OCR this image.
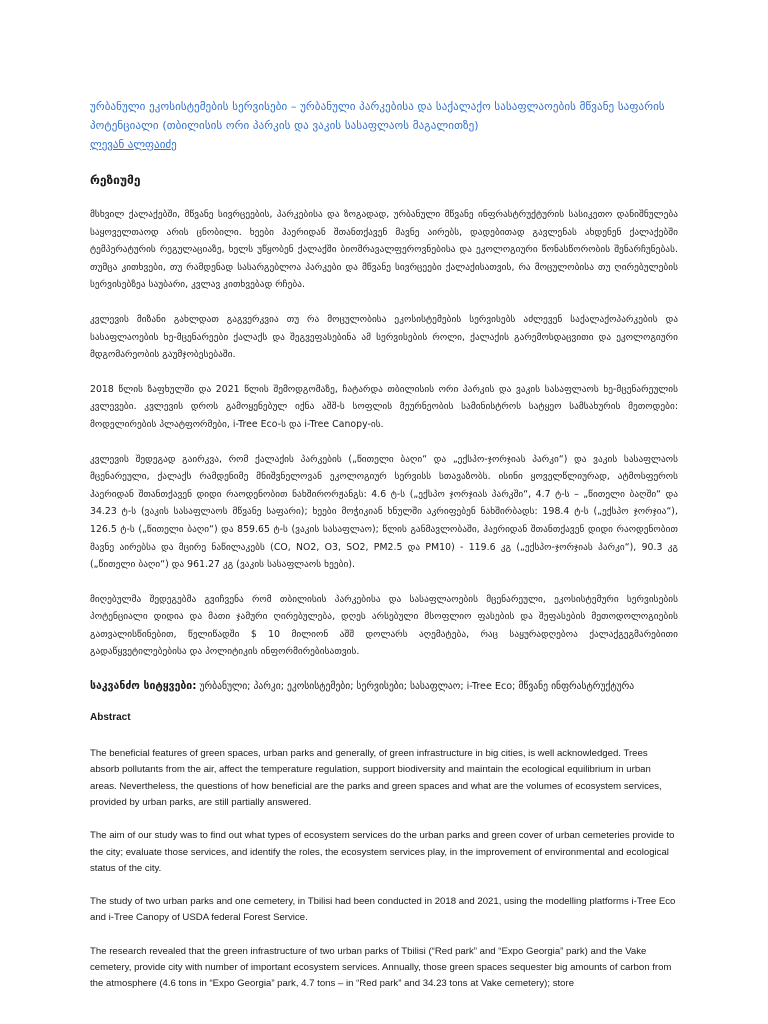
ურბანული ეკოსისტემების სერვისები – ურბანული პარკებისა და საქალაქო სასაფლაოების მწვანე საფარის პოტენციალი (თბილისის ორი პარკის და ვაკის სასაფლაოს მაგალითზე)
ლევან ალფაიძე
რეზიუმე

მსხვილ ქალაქებში, მწვანე სივრცეების, პარკებისა და ზოგადად, ურბანული მწვანე ინფრასტრუქტურის სასიკეთო დანიშნულება საყოველთაოდ არის ცნობილი. ხეები ჰაერიდან შთანთქავენ მავნე აირებს, დადებითად გავლენას ახდენენ ქალაქებში ტემპერატურის რეგულაციაზე, ხელს უწყობენ ქალაქში ბიომრავალფეროვნებისა და ეკოლოგიური წონასწორობის შენარჩუნებას. თუმცა კითხვები, თუ რამდენად სასარგებლოა პარკები და მწვანე სივრცეები ქალაქისათვის, რა მოცულობისა თუ ღირებულების სერვისებზეა საუბარი, კვლავ კითხვებად რჩება.

კვლევის მიზანი გახლდათ გაგვერკვია თუ რა მოცულობისა ეკოსისტემების სერვისებს აძლევენ საქალაქოპარკების და სასაფლაოების ხე-მცენარეები ქალაქს და შეგვეფასებინა ამ სერვისების როლი, ქალაქის გარემოსდაცვითი და ეკოლოგიური მდგომარეობის გაუმჯობესებაში.

2018 წლის ზაფხულში და 2021 წლის შემოდგომაზე, ჩატარდა თბილისის ორი პარკის და ვაკის სასაფლაოს ხე-მცენარეულის კვლევები. კვლევის დროს გამოყენებულ იქნა აშშ-ს სოფლის მეურნეობის სამინისტროს სატყეო სამსახურის მეთოდები: მოდელირების პლატფორმები, i-Tree Eco-ს და i-Tree Canopy-ის.

კვლევის შედეგად გაირკვა, რომ ქალაქის პარკების („წითელი ბაღი“ და „ექსპო-ჯორჯიას პარკი“) და ვაკის სასაფლაოს მცენარეული, ქალაქს რამდენიმე მნიშვნელოვან ეკოლოგიურ სერვისს სთავაზობს. ისინი ყოველწლიურად, ატმოსფეროს ჰაერიდან შთანთქავენ დიდი რაოდენობით ნახშირორჟანგს: 4.6 ტ-ს („ექსპო ჯორჯიას პარკში“, 4.7 ტ-ს – „წითელი ბაღში“ და 34.23 ტ-ს (ვაკის სასაფლაოს მწვანე საფარი); ხეები მოჭიკიან ხნულში აკრიფებენ ნახშირბადს: 198.4 ტ-ს („ექსპო ჯორჯია“), 126.5 ტ-ს („წითელი ბაღი“) და 859.65 ტ-ს (ვაკის სასაფლაო); წლის განმავლობაში, ჰაერიდან შთანთქავენ დიდი რაოდენობით მავნე აირებსა და მცირე ნაწილაკებს (CO, NO2, O3, SO2, PM2.5 და PM10) - 119.6 კგ („ექსპო-ჯორჯიას პარკი“), 90.3 კგ („წითელი ბაღი“) და 961.27 კგ (ვაკის სასაფლაოს ხეები).

მიღებულმა შედეგებმა გვიჩვენა რომ თბილისის პარკებისა და სასაფლაოების მცენარეული, ეკოსისტემური სერვისების პოტენციალი დიდია და მათი ჯამური ღირებულება, დღეს არსებული მსოფლიო ფასების და შეფასების მეთოდოლოგიების გათვალისწინებით, წელიწადში $ 10 მილიონ აშშ დოლარს აღემატება, რაც საყურადღებოა ქალაქგეგმარებითი გადაწყვეტილებებისა და პოლიტიკის ინფორმირებისათვის.

საკვანძო სიტყვები: ურბანული; პარკი; ეკოსისტემები; სერვისები; სასაფლაო; i-Tree Eco; მწვანე ინფრასტრუქტურა

Abstract

The beneficial features of green spaces, urban parks and generally, of green infrastructure in big cities, is well acknowledged. Trees absorb pollutants from the air, affect the temperature regulation, support biodiversity and maintain the ecological equilibrium in urban areas. Nevertheless, the questions of how beneficial are the parks and green spaces and what are the volumes of ecosystem services, provided by urban parks, are still partially answered.

The aim of our study was to find out what types of ecosystem services do the urban parks and green cover of urban cemeteries provide to the city; evaluate those services, and identify the roles, the ecosystem services play, in the improvement of environmental and ecological status of the city.

The study of two urban parks and one cemetery, in Tbilisi had been conducted in 2018 and 2021, using the modelling platforms i-Tree Eco and i-Tree Canopy of USDA federal Forest Service.

The research revealed that the green infrastructure of two urban parks of Tbilisi (“Red park” and “Expo Georgia” park) and the Vake cemetery, provide city with number of important ecosystem services. Annually, those green spaces sequester big amounts of carbon from the atmosphere (4.6 tons in “Expo Georgia” park, 4.7 tons – in “Red park” and 34.23 tons at Vake cemetery); store
